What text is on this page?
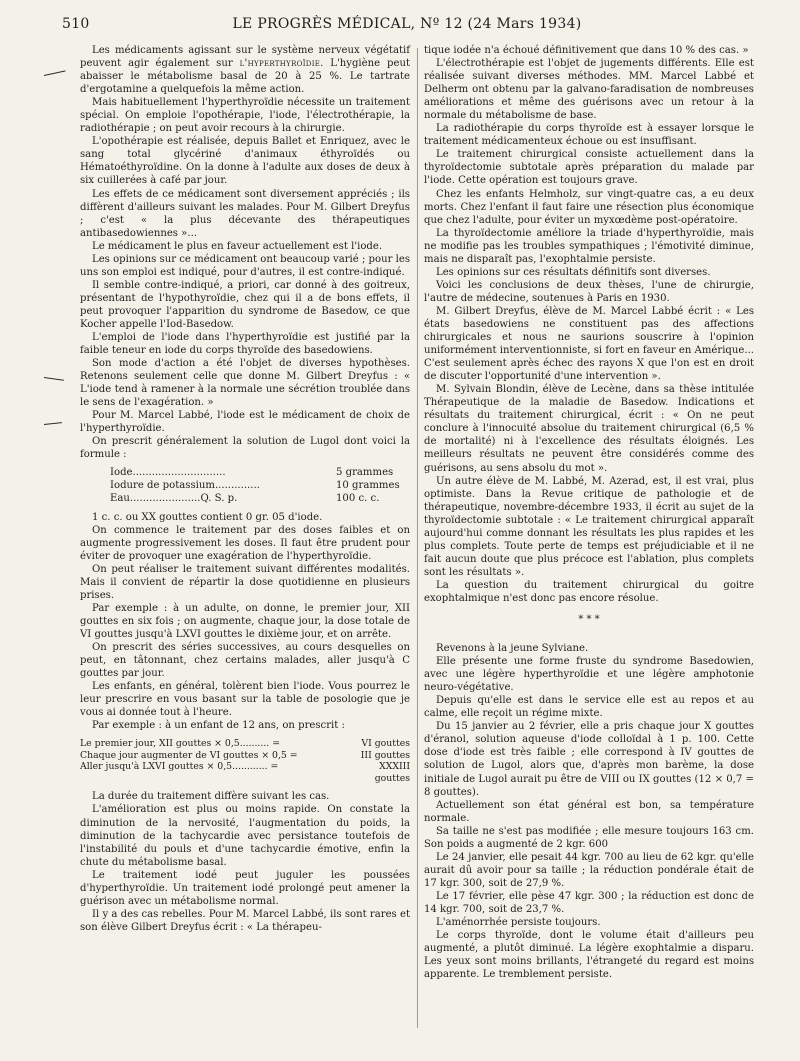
510	LE PROGRÈS MÉDICAL, Nº 12 (24 Mars 1934)

Les médicaments agissant sur le système nerveux végétatif peuvent agir également sur l'hyperthyroïdie. L'hygiène peut abaisser le métabolisme basal de 20 à 25 %. Le tartrate d'ergotamine a quelquefois la même action.

Mais habituellement l'hyperthyroïdie nécessite un traitement spécial. On emploie l'opothérapie, l'iode, l'électrothérapie, la radiothérapie ; on peut avoir recours à la chirurgie.

L'opothérapie est réalisée, depuis Ballet et Enriquez, avec le sang total glycériné d'animaux éthyroïdés ou Hématoéthyroïdine. On la donne à l'adulte aux doses de deux à six cuillerées à café par jour.

Les effets de ce médicament sont diversement appréciés ; ils diffèrent d'ailleurs suivant les malades. Pour M. Gilbert Dreyfus ; c'est « la plus décevante des thérapeutiques antibasedowiennes »...

Le médicament le plus en faveur actuellement est l'iode.

Les opinions sur ce médicament ont beaucoup varié ; pour les uns son emploi est indiqué, pour d'autres, il est contre-indiqué.

Il semble contre-indiqué, a priori, car donné à des goitreux, présentant de l'hypothyroïdie, chez qui il a de bons effets, il peut provoquer l'apparition du syndrome de Basedow, ce que Kocher appelle l'Iod-Basedow.

L'emploi de l'iode dans l'hyperthyroïdie est justifié par la faible teneur en iode du corps thyroïde des basedowiens.

Son mode d'action a été l'objet de diverses hypothèses. Retenons seulement celle que donne M. Gilbert Dreyfus : « L'iode tend à ramener à la normale une sécrétion troublée dans le sens de l'exagération. »

Pour M. Marcel Labbé, l'iode est le médicament de choix de l'hyperthyroïdie.

On prescrit généralement la solution de Lugol dont voici la formule :

Iode.............................	5 grammes
Iodure de potassium..............	10 grammes
Eau......................Q. S. p.	100 c. c.

1 c. c. ou XX gouttes contient 0 gr. 05 d'iode.

On commence le traitement par des doses faibles et on augmente progressivement les doses. Il faut être prudent pour éviter de provoquer une exagération de l'hyperthyroïdie.

On peut réaliser le traitement suivant différentes modalités. Mais il convient de répartir la dose quotidienne en plusieurs prises.

Par exemple : à un adulte, on donne, le premier jour, XII gouttes en six fois ; on augmente, chaque jour, la dose totale de VI gouttes jusqu'à LXVI gouttes le dixième jour, et on arrête.

On prescrit des séries successives, au cours desquelles on peut, en tâtonnant, chez certains malades, aller jusqu'à C gouttes par jour.

Les enfants, en général, tolèrent bien l'iode. Vous pourrez le leur prescrire en vous basant sur la table de posologie que je vous ai donnée tout à l'heure.

Par exemple : à un enfant de 12 ans, on prescrit :

Le premier jour, XII gouttes × 0,5.......... =	VI gouttes
Chaque jour augmenter de VI gouttes × 0,5 =	III gouttes
Aller jusqu'à LXVI gouttes × 0,5............ =	XXXIII gouttes

La durée du traitement diffère suivant les cas.

L'amélioration est plus ou moins rapide. On constate la diminution de la nervosité, l'augmentation du poids, la diminution de la tachycardie avec persistance toutefois de l'instabilité du pouls et d'une tachycardie émotive, enfin la chute du métabolisme basal.

Le traitement iodé peut juguler les poussées d'hyperthyroïdie. Un traitement iodé prolongé peut amener la guérison avec un métabolisme normal.

Il y a des cas rebelles. Pour M. Marcel Labbé, ils sont rares et son élève Gilbert Dreyfus écrit : « La thérapeu-

tique iodée n'a échoué définitivement que dans 10 % des cas. »

L'électrothérapie est l'objet de jugements différents. Elle est réalisée suivant diverses méthodes. MM. Marcel Labbé et Delherm ont obtenu par la galvano-faradisation de nombreuses améliorations et même des guérisons avec un retour à la normale du métabolisme de base.

La radiothérapie du corps thyroïde est à essayer lorsque le traitement médicamenteux échoue ou est insuffisant.

Le traitement chirurgical consiste actuellement dans la thyroïdectomie subtotale après préparation du malade par l'iode. Cette opération est toujours grave.

Chez les enfants Helmholz, sur vingt-quatre cas, a eu deux morts. Chez l'enfant il faut faire une résection plus économique que chez l'adulte, pour éviter un myxœdème post-opératoire.

La thyroïdectomie améliore la triade d'hyperthyroïdie, mais ne modifie pas les troubles sympathiques ; l'émotivité diminue, mais ne disparaît pas, l'exophtalmie persiste.

Les opinions sur ces résultats définitifs sont diverses.

Voici les conclusions de deux thèses, l'une de chirurgie, l'autre de médecine, soutenues à Paris en 1930.

M. Gilbert Dreyfus, élève de M. Marcel Labbé écrit : « Les états basedowiens ne constituent pas des affections chirurgicales et nous ne saurions souscrire à l'opinion uniformément interventionniste, si fort en faveur en Amérique... C'est seulement après échec des rayons X que l'on est en droit de discuter l'opportunité d'une intervention ».

M. Sylvain Blondin, élève de Lecène, dans sa thèse intitulée Thérapeutique de la maladie de Basedow. Indications et résultats du traitement chirurgical, écrit : « On ne peut conclure à l'innocuité absolue du traitement chirurgical (6,5 % de mortalité) ni à l'excellence des résultats éloignés. Les meilleurs résultats ne peuvent être considérés comme des guérisons, au sens absolu du mot ».

Un autre élève de M. Labbé, M. Azerad, est, il est vrai, plus optimiste. Dans la Revue critique de pathologie et de thérapeutique, novembre-décembre 1933, il écrit au sujet de la thyroïdectomie subtotale : « Le traitement chirurgical apparaît aujourd'hui comme donnant les résultats les plus rapides et les plus complets. Toute perte de temps est préjudiciable et il ne fait aucun doute que plus précoce est l'ablation, plus complets sont les résultats ».

La question du traitement chirurgical du goitre exophtalmique n'est donc pas encore résolue.

* * *

Revenons à la jeune Sylviane.

Elle présente une forme fruste du syndrome Basedowien, avec une légère hyperthyroïdie et une légère amphotonie neuro-végétative.

Depuis qu'elle est dans le service elle est au repos et au calme, elle reçoit un régime mixte.

Du 15 janvier au 2 février, elle a pris chaque jour X gouttes d'éranol, solution aqueuse d'iode colloïdal à 1 p. 100. Cette dose d'iode est très faible ; elle correspond à IV gouttes de solution de Lugol, alors que, d'après mon barème, la dose initiale de Lugol aurait pu être de VIII ou IX gouttes (12 × 0,7 = 8 gouttes).

Actuellement son état général est bon, sa température normale.

Sa taille ne s'est pas modifiée ; elle mesure toujours 163 cm. Son poids a augmenté de 2 kgr. 600

Le 24 janvier, elle pesait 44 kgr. 700 au lieu de 62 kgr. qu'elle aurait dû avoir pour sa taille ; la réduction pondérale était de 17 kgr. 300, soit de 27,9 %.

Le 17 février, elle pèse 47 kgr. 300 ; la réduction est donc de 14 kgr. 700, soit de 23,7 %.

L'aménorrhée persiste toujours.

Le corps thyroïde, dont le volume était d'ailleurs peu augmenté, a plutôt diminué. La légère exophtalmie a disparu. Les yeux sont moins brillants, l'étrangeté du regard est moins apparente. Le tremblement persiste.
